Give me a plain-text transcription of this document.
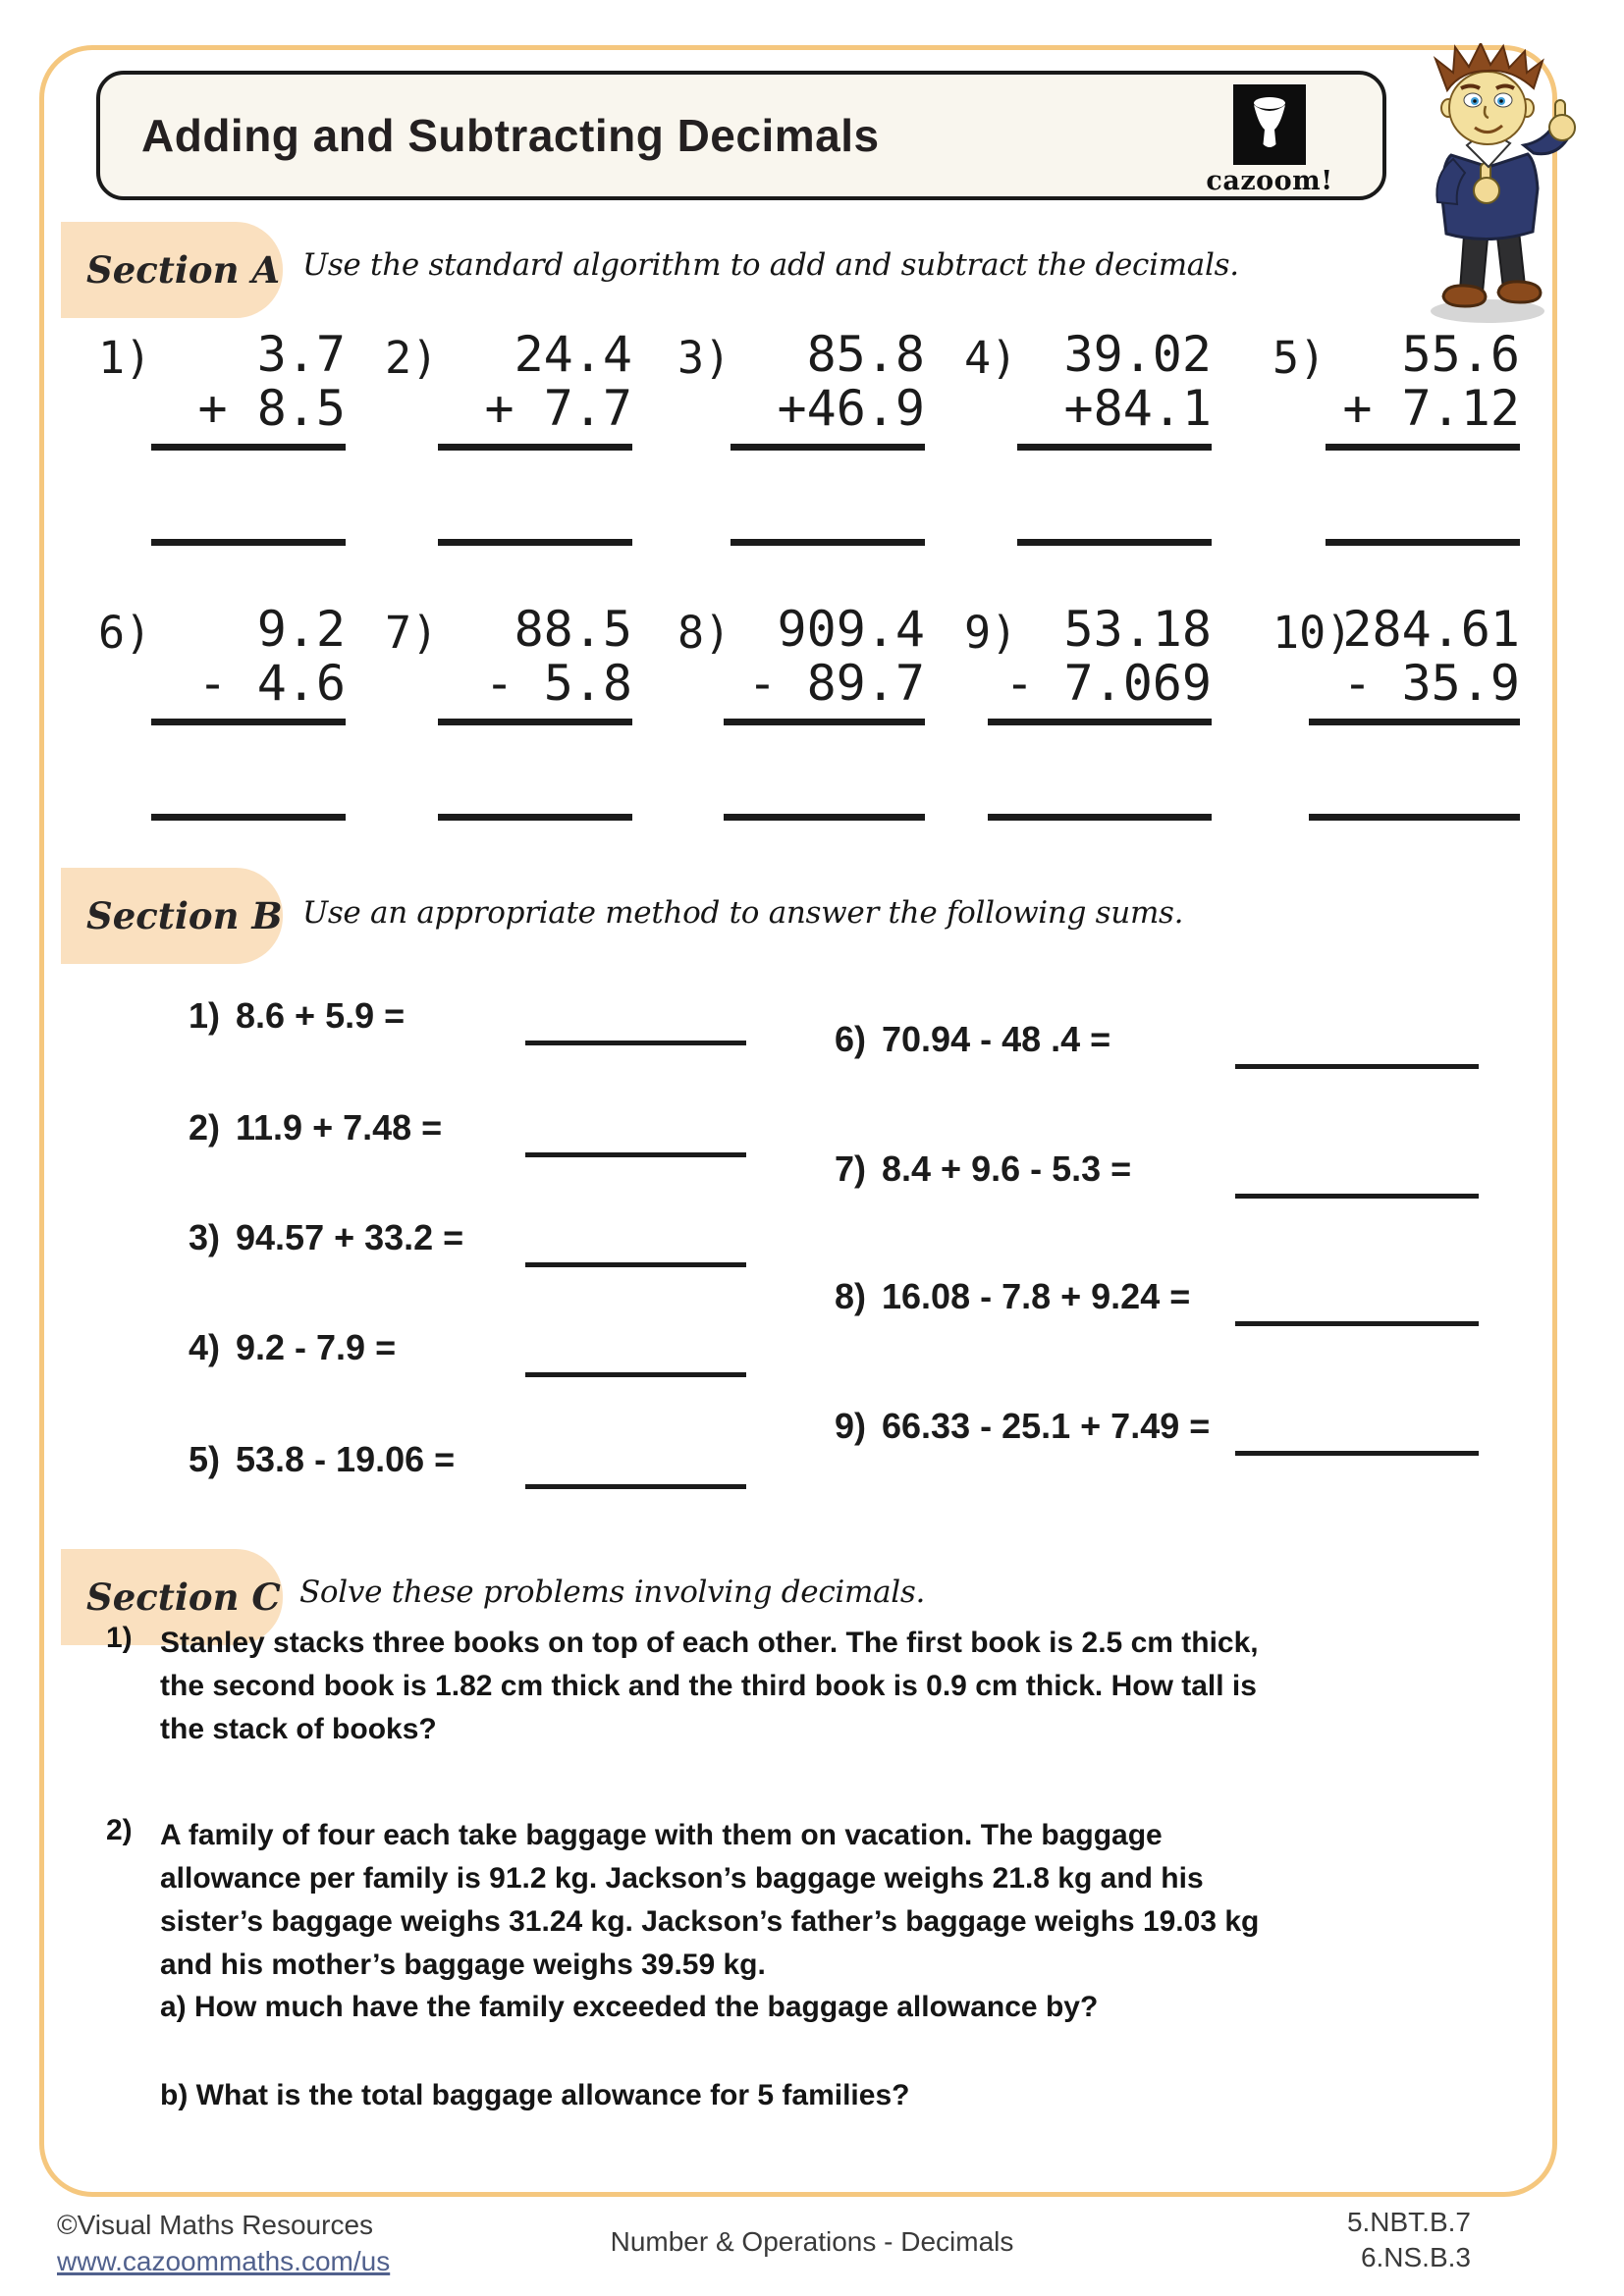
Adding and Subtracting Decimals
cazoom!
Section A Use the standard algorithm to add and subtract the decimals.
1) 3.7
+ 8.5
2) 24.4
+ 7.7
3) 85.8
+46.9
4) 39.02
+84.1
5) 55.6
+ 7.12
6) 9.2
- 4.6
7) 88.5
- 5.8
8) 909.4
- 89.7
9) 53.18
- 7.069
10)
284.61
- 35.9
Section B Use an appropriate method to answer the following sums.
1) 8.6 + 5.9 =
2) 11.9 + 7.48 =
3) 94.57 + 33.2 =
4) 9.2 - 7.9 =
5) 53.8 - 19.06 =
6) 70.94 - 48 .4 =
7) 8.4 + 9.6 - 5.3 =
8) 16.08 - 7.8 + 9.24 =
9) 66.33 - 25.1 + 7.49 =
Section C Solve these problems involving decimals.
1) Stanley stacks three books on top of each other. The first book is 2.5 cm thick,
the second book is 1.82 cm thick and the third book is 0.9 cm thick. How tall is
the stack of books?
2) A family of four each take baggage with them on vacation. The baggage
allowance per family is 91.2 kg. Jackson’s baggage weighs 21.8 kg and his
sister’s baggage weighs 31.24 kg. Jackson’s father’s baggage weighs 19.03 kg
and his mother’s baggage weighs 39.59 kg.
a) How much have the family exceeded the baggage allowance by?
b) What is the total baggage allowance for 5 families?
©Visual Maths Resources
www.cazoommaths.com/us
Number & Operations - Decimals
5.NBT.B.7
6.NS.B.3
